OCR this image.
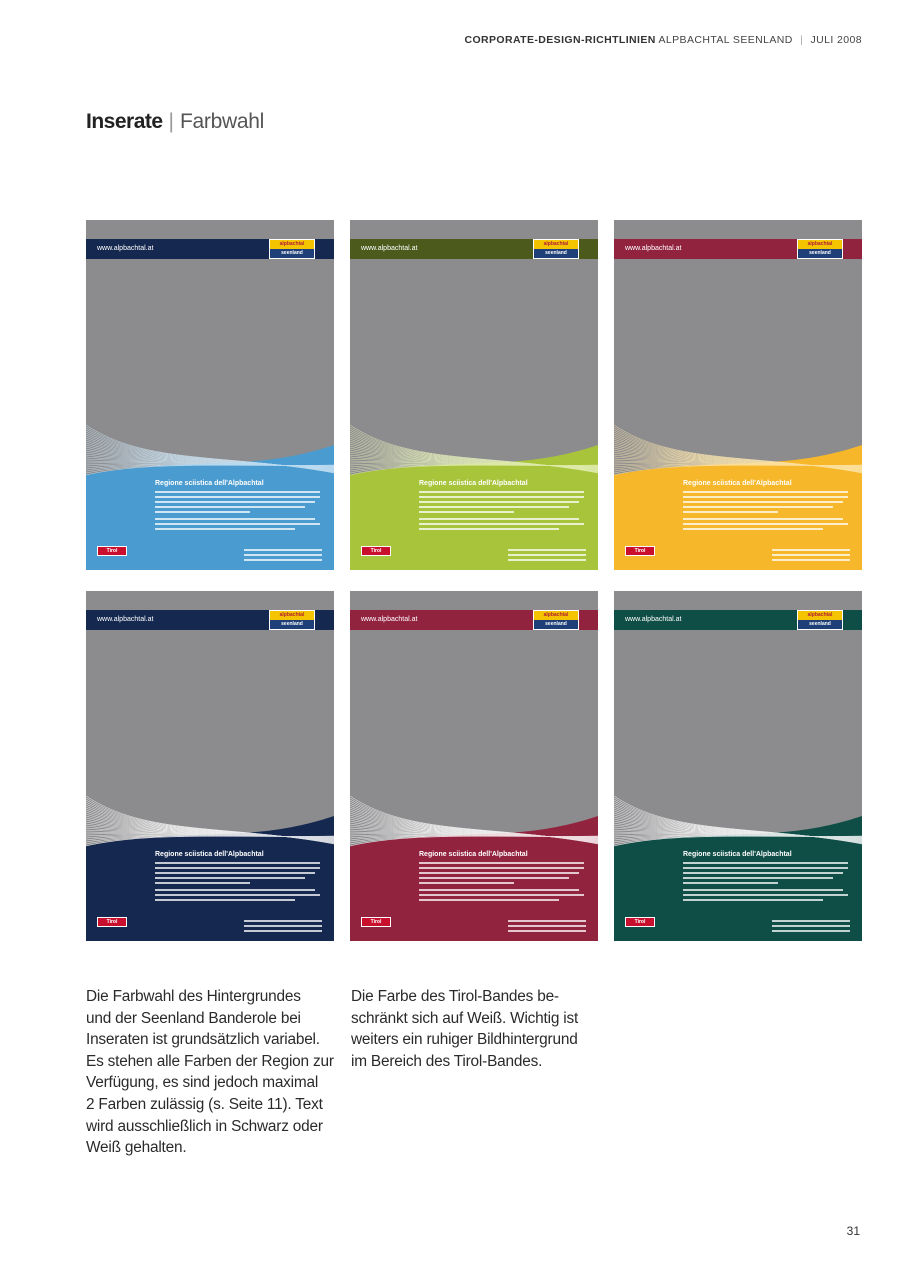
CORPORATE-DESIGN-RICHTLINIEN ALPBACHTAL SEENLAND | JULI 2008
Inserate | Farbwahl
www.alpbachtal.at
alpbachtal
seenland
Regione sciistica dell'Alpbachtal
Tirol
www.alpbachtal.at
alpbachtal
seenland
Regione sciistica dell'Alpbachtal
Tirol
www.alpbachtal.at
alpbachtal
seenland
Regione sciistica dell'Alpbachtal
Tirol
www.alpbachtal.at
alpbachtal
seenland
Regione sciistica dell'Alpbachtal
Tirol
www.alpbachtal.at
alpbachtal
seenland
Regione sciistica dell'Alpbachtal
Tirol
www.alpbachtal.at
alpbachtal
seenland
Regione sciistica dell'Alpbachtal
Tirol
Die Farbwahl des Hintergrundes
und der Seenland Banderole bei
Inseraten ist grundsätzlich variabel.
Es stehen alle Farben der Region zur
Verfügung, es sind jedoch maximal
2 Farben zulässig (s. Seite 11). Text
wird ausschließlich in Schwarz oder
Weiß gehalten.
Die Farbe des Tirol-Bandes be-
schränkt sich auf Weiß. Wichtig ist
weiters ein ruhiger Bildhintergrund
im Bereich des Tirol-Bandes.
31
